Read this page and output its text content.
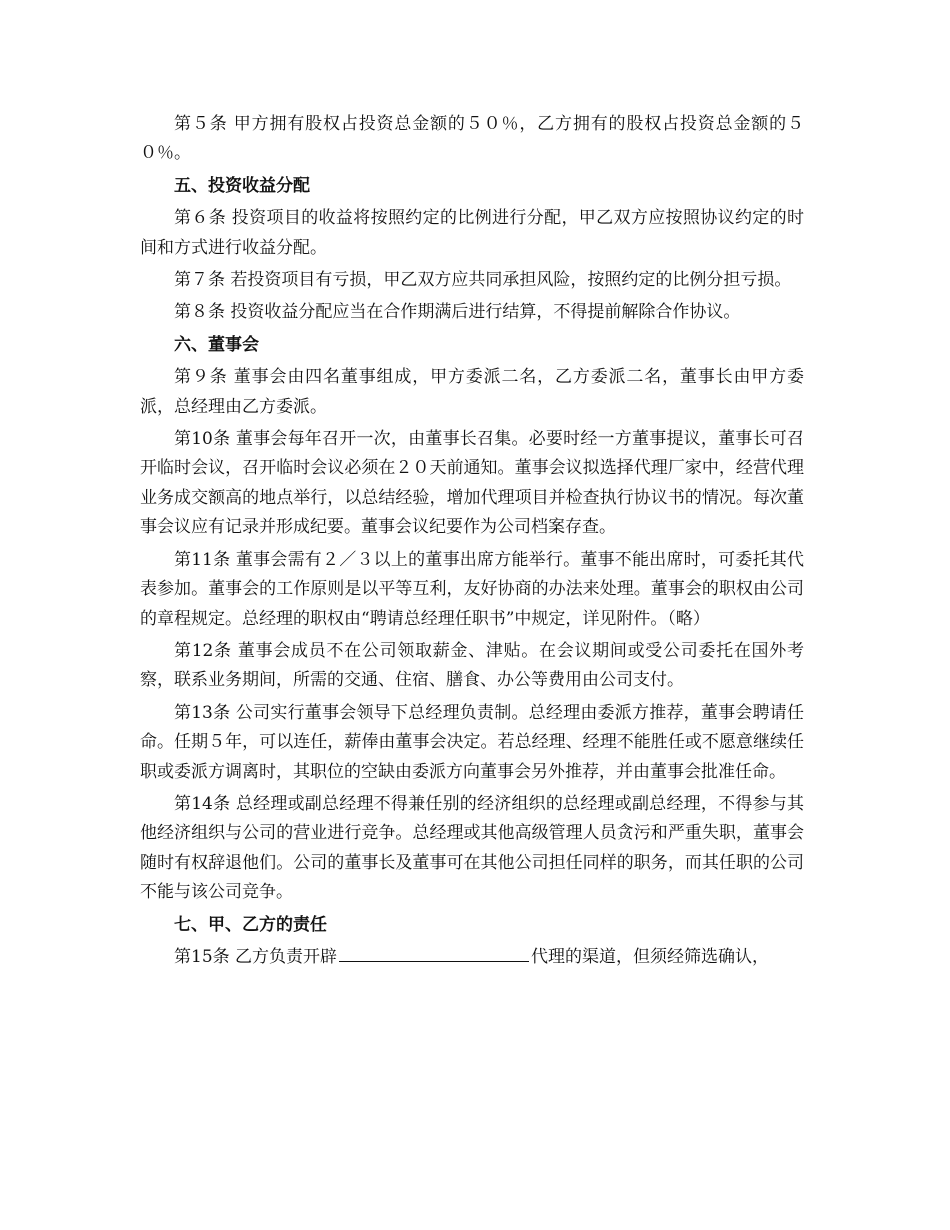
第５条 甲方拥有股权占投资总金额的５０％，乙方拥有的股权占投资总金额的５０％。

五、投资收益分配

第６条 投资项目的收益将按照约定的比例进行分配，甲乙双方应按照协议约定的时间和方式进行收益分配。

第７条 若投资项目有亏损，甲乙双方应共同承担风险，按照约定的比例分担亏损。

第８条 投资收益分配应当在合作期满后进行结算，不得提前解除合作协议。

六、董事会

第９条 董事会由四名董事组成，甲方委派二名，乙方委派二名，董事长由甲方委派，总经理由乙方委派。

第10条 董事会每年召开一次，由董事长召集。必要时经一方董事提议，董事长可召开临时会议，召开临时会议必须在２０天前通知。董事会议拟选择代理厂家中，经营代理业务成交额高的地点举行，以总结经验，增加代理项目并检查执行协议书的情况。每次董事会议应有记录并形成纪要。董事会议纪要作为公司档案存查。

第11条 董事会需有２／３以上的董事出席方能举行。董事不能出席时，可委托其代表参加。董事会的工作原则是以平等互利，友好协商的办法来处理。董事会的职权由公司的章程规定。总经理的职权由“聘请总经理任职书”中规定，详见附件。（略）

第12条 董事会成员不在公司领取薪金、津贴。在会议期间或受公司委托在国外考察，联系业务期间，所需的交通、住宿、膳食、办公等费用由公司支付。

第13条 公司实行董事会领导下总经理负责制。总经理由委派方推荐，董事会聘请任命。任期５年，可以连任，薪俸由董事会决定。若总经理、经理不能胜任或不愿意继续任职或委派方调离时，其职位的空缺由委派方向董事会另外推荐，并由董事会批准任命。

第14条 总经理或副总经理不得兼任别的经济组织的总经理或副总经理，不得参与其他经济组织与公司的营业进行竞争。总经理或其他高级管理人员贪污和严重失职，董事会随时有权辞退他们。公司的董事长及董事可在其他公司担任同样的职务，而其任职的公司不能与该公司竞争。

七、甲、乙方的责任

第15条 乙方负责开辟	代理的渠道，但须经筛选确认，
